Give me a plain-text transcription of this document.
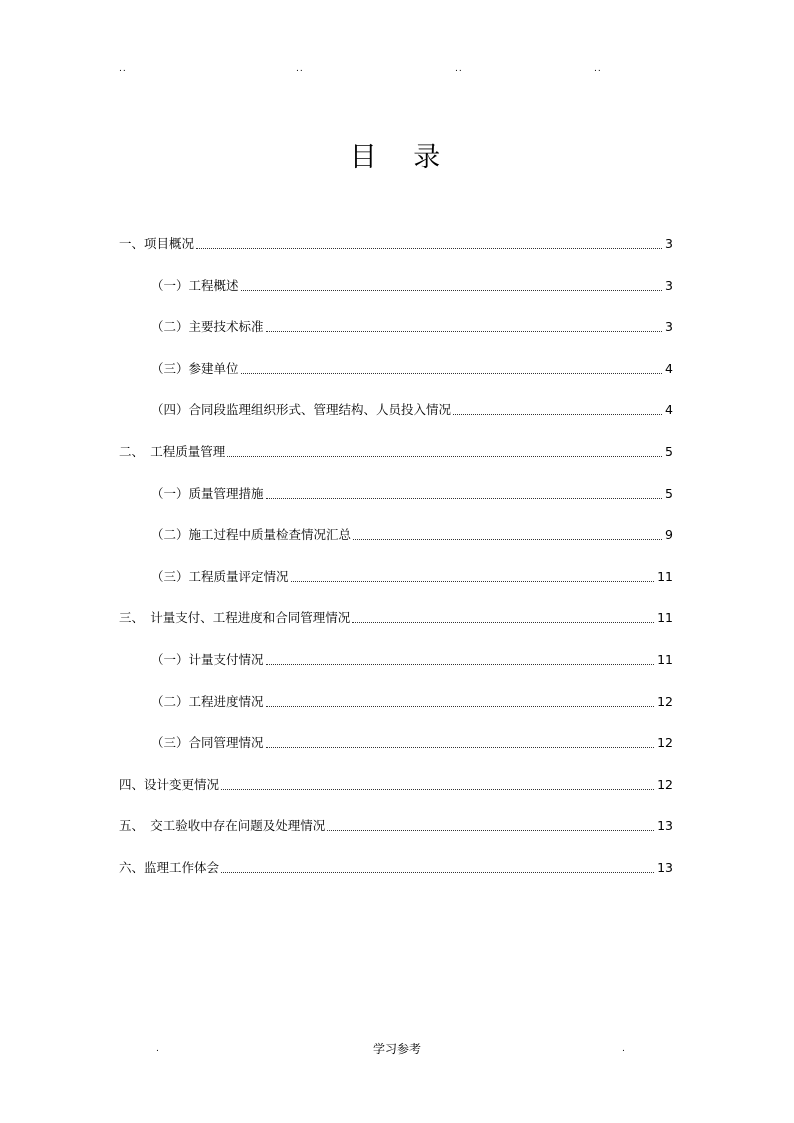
..	..	..	..
目 录
一、项目概况	3
（一）工程概述	3
（二）主要技术标准	3
（三）参建单位	4
（四）合同段监理组织形式、管理结构、人员投入情况	4
二、　工程质量管理	5
（一）质量管理措施	5
（二）施工过程中质量检查情况汇总	9
（三）工程质量评定情况	11
三、　计量支付、工程进度和合同管理情况	11
（一）计量支付情况	11
（二）工程进度情况	12
（三）合同管理情况	12
四、设计变更情况	12
五、　交工验收中存在问题及处理情况	13
六、监理工作体会	13
.	学习参考	.
